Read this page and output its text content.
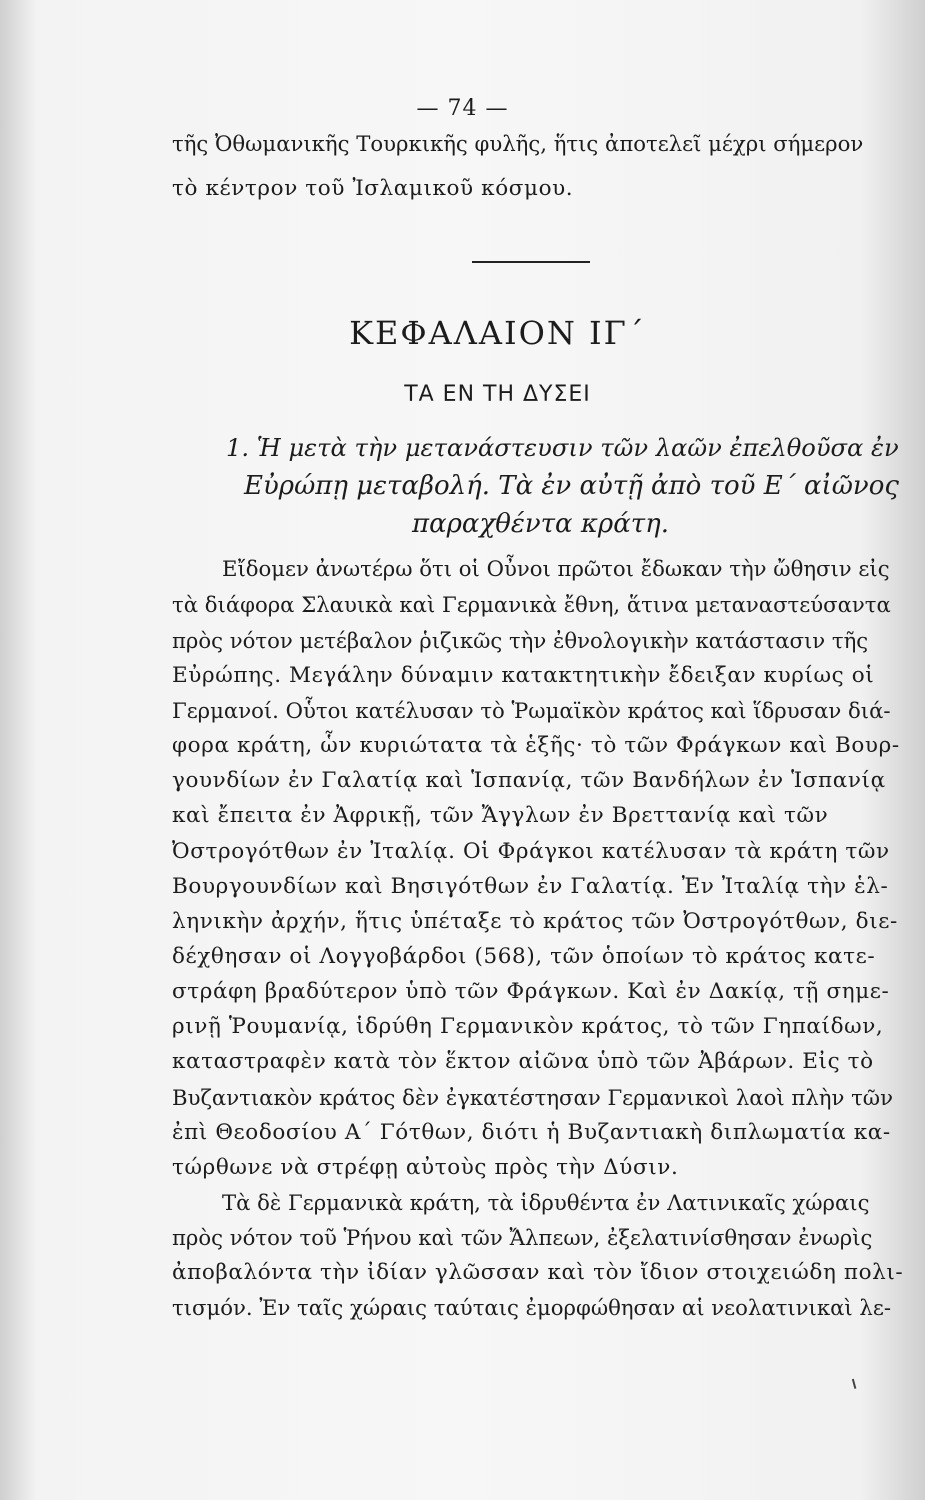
— 74 —
τῆς Ὀθωμανικῆς Τουρκικῆς φυλῆς, ἥτις ἀποτελεῖ μέχρι σήμερον
τὸ κέντρον τοῦ Ἰσλαμικοῦ κόσμου.
ΚΕΦΑΛΑΙΟΝ ΙΓ΄
ΤΑ ΕΝ ΤΗ ΔΥΣΕΙ
1. Ἡ μετὰ τὴν μετανάστευσιν τῶν λαῶν ἐπελθοῦσα ἐν
Εὐρώπῃ μεταβολή. Τὰ ἐν αὐτῇ ἀπὸ τοῦ Ε΄ αἰῶνος
παραχθέντα κράτη.
Εἴδομεν ἀνωτέρω ὅτι οἱ Οὖνοι πρῶτοι ἔδωκαν τὴν ὤθησιν εἰς
τὰ διάφορα Σλαυικὰ καὶ Γερμανικὰ ἔθνη, ἅτινα μεταναστεύσαντα
πρὸς νότον μετέβαλον ῥιζικῶς τὴν ἐθνολογικὴν κατάστασιν τῆς
Εὐρώπης. Μεγάλην δύναμιν κατακτητικὴν ἔδειξαν κυρίως οἱ
Γερμανοί. Οὗτοι κατέλυσαν τὸ Ῥωμαϊκὸν κράτος καὶ ἵδρυσαν διά-
φορα κράτη, ὧν κυριώτατα τὰ ἑξῆς· τὸ τῶν Φράγκων καὶ Βουρ-
γουνδίων ἐν Γαλατίᾳ καὶ Ἱσπανίᾳ, τῶν Βανδήλων ἐν Ἱσπανίᾳ
καὶ ἔπειτα ἐν Ἀφρικῇ, τῶν Ἄγγλων ἐν Βρεττανίᾳ καὶ τῶν
Ὀστρογότθων ἐν Ἰταλίᾳ. Οἱ Φράγκοι κατέλυσαν τὰ κράτη τῶν
Βουργουνδίων καὶ Βησιγότθων ἐν Γαλατίᾳ. Ἐν Ἰταλίᾳ τὴν ἑλ-
ληνικὴν ἀρχήν, ἥτις ὑπέταξε τὸ κράτος τῶν Ὀστρογότθων, διε-
δέχθησαν οἱ Λογγοβάρδοι (568), τῶν ὁποίων τὸ κράτος κατε-
στράφη βραδύτερον ὑπὸ τῶν Φράγκων. Καὶ ἐν Δακίᾳ, τῇ σημε-
ρινῇ Ῥουμανίᾳ, ἱδρύθη Γερμανικὸν κράτος, τὸ τῶν Γηπαίδων,
καταστραφὲν κατὰ τὸν ἕκτον αἰῶνα ὑπὸ τῶν Ἀβάρων. Εἰς τὸ
Βυζαντιακὸν κράτος δὲν ἐγκατέστησαν Γερμανικοὶ λαοὶ πλὴν τῶν
ἐπὶ Θεοδοσίου Α΄ Γότθων, διότι ἡ Βυζαντιακὴ διπλωματία κα-
τώρθωνε νὰ στρέφῃ αὐτοὺς πρὸς τὴν Δύσιν.
Τὰ δὲ Γερμανικὰ κράτη, τὰ ἱδρυθέντα ἐν Λατινικαῖς χώραις
πρὸς νότον τοῦ Ῥήνου καὶ τῶν Ἄλπεων, ἐξελατινίσθησαν ἐνωρὶς
ἀποβαλόντα τὴν ἰδίαν γλῶσσαν καὶ τὸν ἴδιον στοιχειώδη πολι-
τισμόν. Ἐν ταῖς χώραις ταύταις ἐμορφώθησαν αἱ νεολατινικαὶ λε-
